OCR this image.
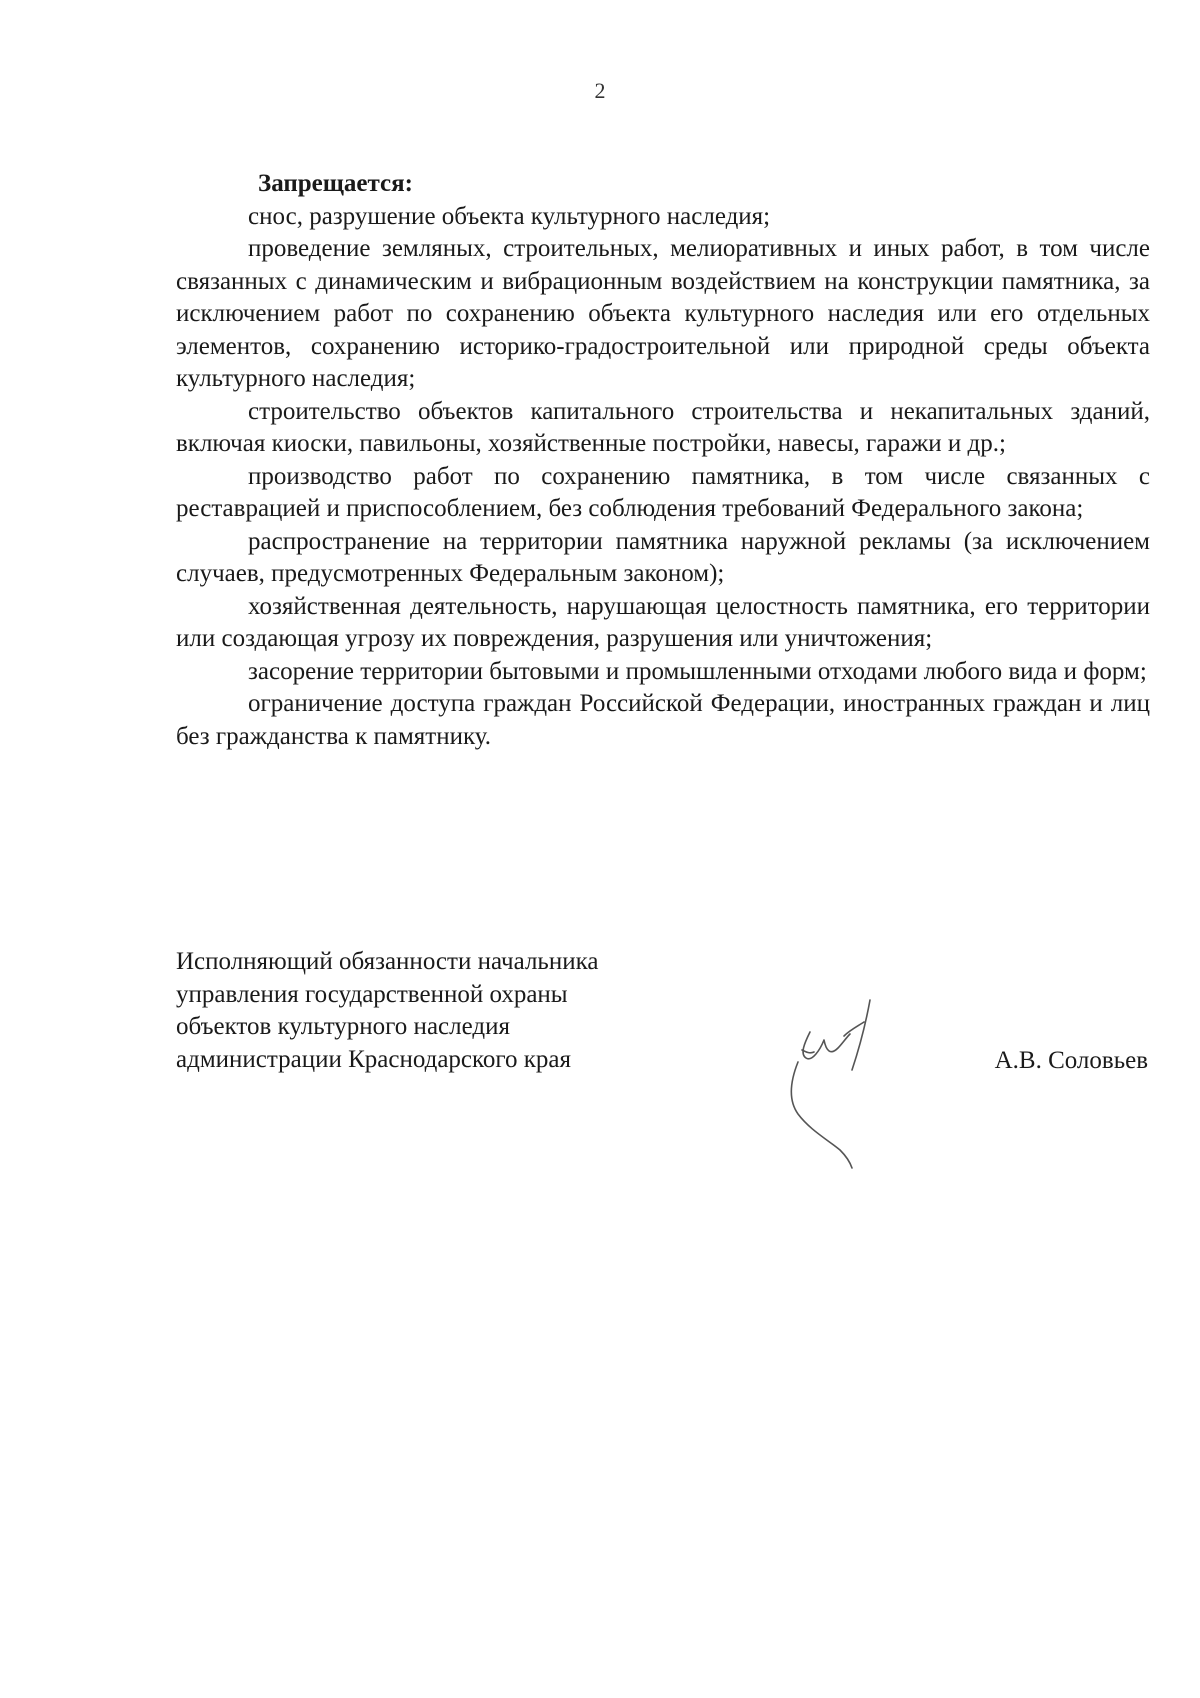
2

Запрещается:

снос, разрушение объекта культурного наследия;

проведение земляных, строительных, мелиоративных и иных работ, в том числе связанных с динамическим и вибрационным воздействием на конструкции памятника, за исключением работ по сохранению объекта культурного наследия или его отдельных элементов, сохранению историко-градостроительной или природной среды объекта культурного наследия;

строительство объектов капитального строительства и некапитальных зданий, включая киоски, павильоны, хозяйственные постройки, навесы, гаражи и др.;

производство работ по сохранению памятника, в том числе связанных с реставрацией и приспособлением, без соблюдения требований Федерального закона;

распространение на территории памятника наружной рекламы (за исключением случаев, предусмотренных Федеральным законом);

хозяйственная деятельность, нарушающая целостность памятника, его территории или создающая угрозу их повреждения, разрушения или уничтожения;

засорение территории бытовыми и промышленными отходами любого вида и форм;

ограничение доступа граждан Российской Федерации, иностранных граждан и лиц без гражданства к памятнику.

Исполняющий обязанности начальника
управления государственной охраны
объектов культурного наследия
администрации Краснодарского края	А.В. Соловьев
